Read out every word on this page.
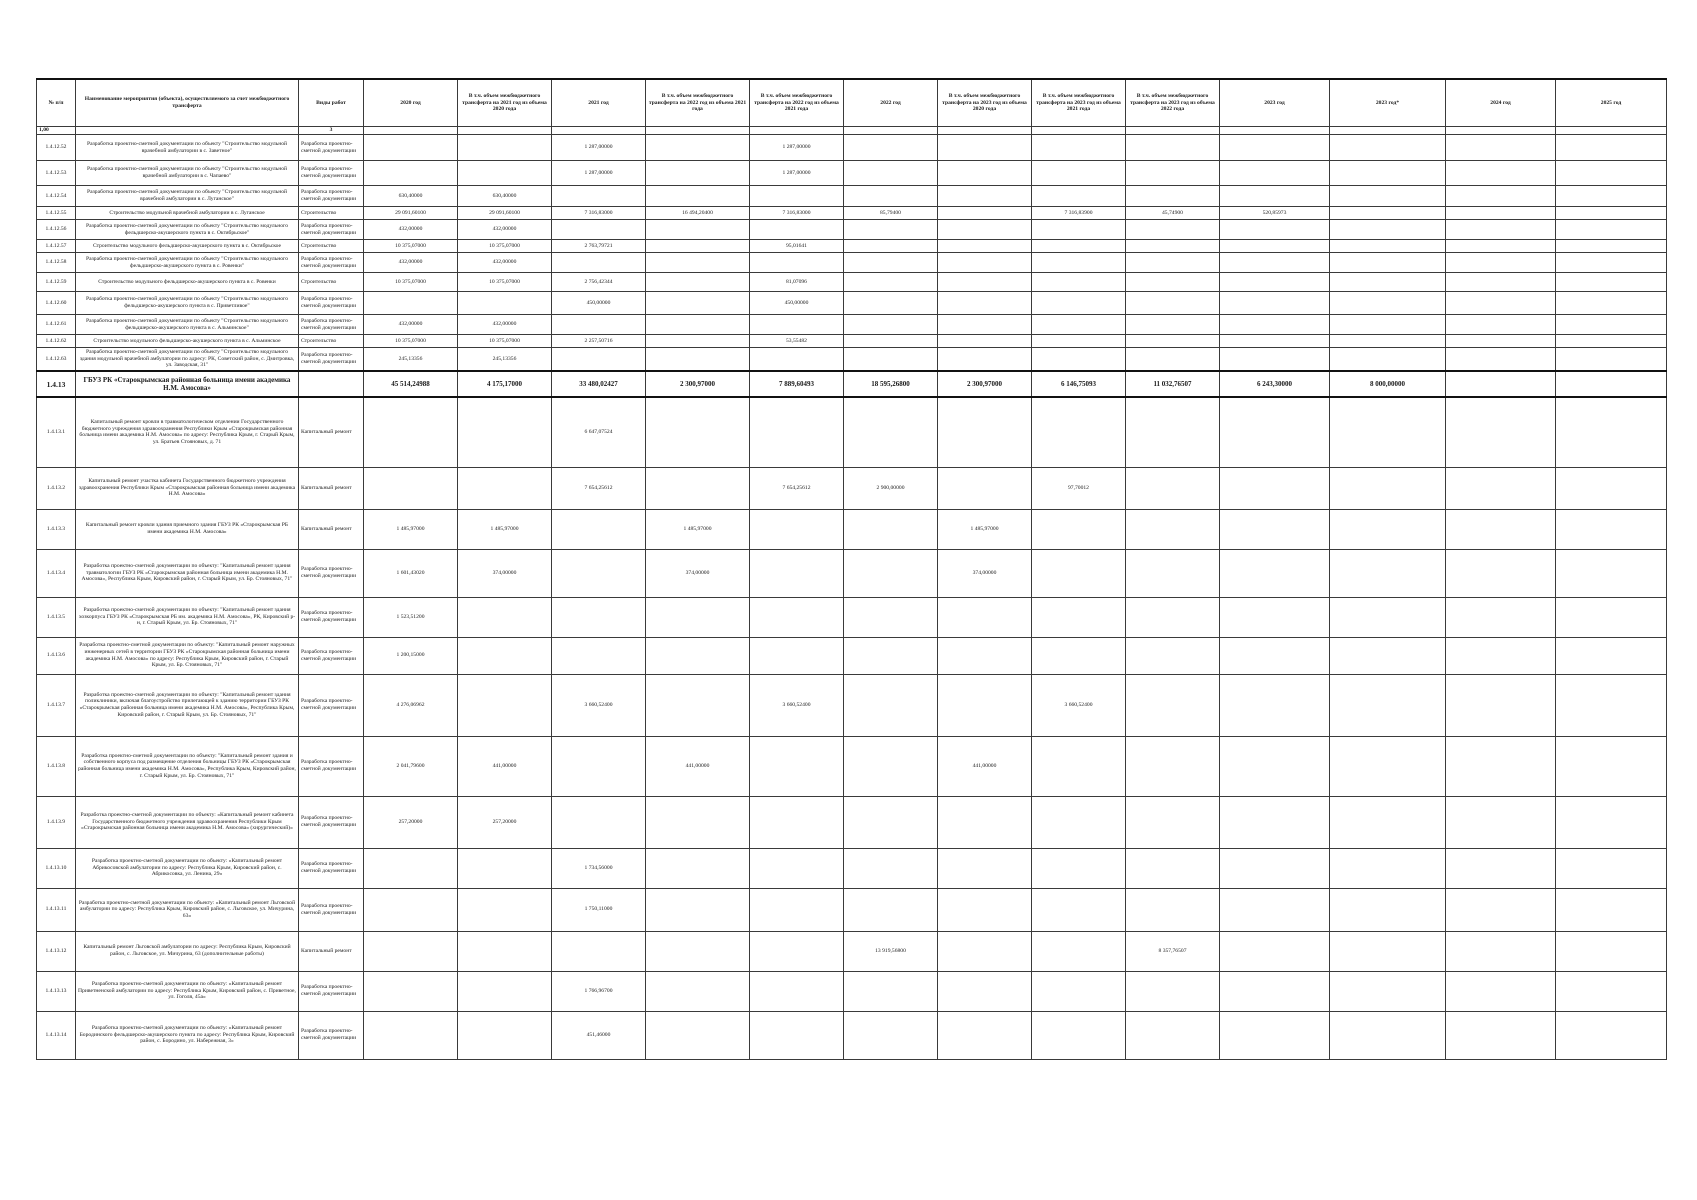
№ п/п	Наименование мероприятия (объекта), осуществляемого за счет межбюджетного трансферта	Виды работ	2020 год	В т.ч. объем межбюджетного трансферта на 2021 год из объема 2020 года	2021 год	В т.ч. объем межбюджетного трансферта на 2022 год из объема 2021 года	В т.ч. объем межбюджетного трансферта на 2022 год из объема 2021 года	2022 год	В т.ч. объем межбюджетного трансферта на 2023 год из объема 2020 года	В т.ч. объем межбюджетного трансферта на 2023 год из объема 2021 года	В т.ч. объем межбюджетного трансферта на 2023 год из объема 2022 года	2023 год	2023 год*	2024 год	2025 год
1,00		3													
1.4.12.52	Разработка проектно-сметной документации по объекту "Строительство модульной врачебной амбулатории в с. Заветное"	Разработка проектно-сметной документации			1 287,00000		1 287,00000								
1.4.12.53	Разработка проектно-сметной документации по объекту "Строительство модульной врачебной амбулатории в с. Чапаево"	Разработка проектно-сметной документации			1 287,00000		1 287,00000								
1.4.12.54	Разработка проектно-сметной документации по объекту "Строительство модульной врачебной амбулатории в с. Луганское"	Разработка проектно-сметной документации	630,40000	630,40000											
1.4.12.55	Строительство модульной врачебной амбулатории в с. Луганское	Строительство	29 091,60100	29 091,60100	7 316,83000	16 494,20400	7 316,83000	85,79400		7 316,83900	45,74900	520,85973			
1.4.12.56	Разработка проектно-сметной документации по объекту "Строительство модульного фельдшерско-акушерского пункта в с. Октябрьское"	Разработка проектно-сметной документации	432,00000	432,00000											
1.4.12.57	Строительство модульного фельдшерско-акушерского пункта в с. Октябрьское	Строительство	10 375,07000	10 375,07000	2 763,79721		95,01641								
1.4.12.58	Разработка проектно-сметной документации по объекту "Строительство модульного фельдшерско-акушерского пункта в с. Ровенки"	Разработка проектно-сметной документации	432,00000	432,00000											
1.4.12.59	Строительство модульного фельдшерско-акушерского пункта в с. Ровенки	Строительство	10 375,07000	10 375,07000	2 756,42344		81,07096								
1.4.12.60	Разработка проектно-сметной документации по объекту "Строительство модульного фельдшерско-акушерского пункта в с. Приветливое"	Разработка проектно-сметной документации			450,00000		450,00000								
1.4.12.61	Разработка проектно-сметной документации по объекту "Строительство модульного фельдшерско-акушерского пункта в с. Альминское"	Разработка проектно-сметной документации	432,00000	432,00000											
1.4.12.62	Строительство модульного фельдшерско-акушерского пункта в с. Альминское	Строительство	10 375,07000	10 375,07000	2 257,50716		53,55482								
1.4.12.63	Разработка проектно-сметной документации по объекту "Строительство модульного здания модульной врачебной амбулатории по адресу: РК, Советский район, с. Дмитровка, ул. Заводская, 31"	Разработка проектно-сметной документации	245,13356	245,13356											
1.4.13	ГБУЗ РК «Старокрымская районная больница имени академика Н.М. Амосова»		45 514,24988	4 175,17000	33 480,02427	2 300,97000	7 889,60493	18 595,26800	2 300,97000	6 146,75093	11 032,76507	6 243,30000	8 000,00000		
1.4.13.1	Капитальный ремонт кровли в травматологическом отделении Государственного бюджетного учреждения здравоохранения Республики Крым «Старокрымская районная больница имени академика Н.М. Амосова» по адресу: Республика Крым, г. Старый Крым, ул. Братьев Стояновых, д. 71	Капитальный ремонт			6 647,07524										
1.4.13.2	Капитальный ремонт участка кабинета Государственного бюджетного учреждения здравоохранения Республики Крым «Старокрымская районная больница имени академика Н.М. Амосова»	Капитальный ремонт			7 654,25612		7 654,25612	2 900,00000		97,70012					
1.4.13.3	Капитальный ремонт кровли здания приемного здания ГБУЗ РК «Старокрымская РБ имени академика Н.М. Амосова»	Капитальный ремонт	1 485,97000	1 485,97000		1 485,97000			1 485,97000						
1.4.13.4	Разработка проектно-сметной документации по объекту: "Капитальный ремонт здания травматологии ГБУЗ РК «Старокрымская районная больница имени академика Н.М. Амосова», Республика Крым, Кировский район, г. Старый Крым, ул. Бр. Стояновых, 71"	Разработка проектно-сметной документации	1 601,43020	374,00000		374,00000			374,00000						
1.4.13.5	Разработка проектно-сметной документации по объекту: "Капитальный ремонт здания хозкорпуса ГБУЗ РК «Старокрымская РБ им. академика Н.М. Амосова», РК, Кировский р-н, г. Старый Крым, ул. Бр. Стояновых, 71"	Разработка проектно-сметной документации	1 523,51200												
1.4.13.6	Разработка проектно-сметной документации по объекту: "Капитальный ремонт наружных инженерных сетей в территории ГБУЗ РК «Старокрымская районная больница имени академика Н.М. Амосова» по адресу: Республика Крым, Кировский район, г. Старый Крым, ул. Бр. Стояновых, 71"	Разработка проектно-сметной документации	1 200,15000												
1.4.13.7	Разработка проектно-сметной документации по объекту: "Капитальный ремонт здания поликлиники, включая благоустройство прилегающей к зданию территории ГБУЗ РК «Старокрымская районная больница имени академика Н.М. Амосова», Республика Крым, Кировский район, г. Старый Крым, ул. Бр. Стояновых, 71"	Разработка проектно-сметной документации	4 276,06962		3 660,52400		3 660,52400			3 660,52400					
1.4.13.8	Разработка проектно-сметной документации по объекту: "Капитальный ремонт здания и собственного корпуса под размещение отделения больницы ГБУЗ РК «Старокрымская районная больница имени академика Н.М. Амосова», Республика Крым, Кировский район, г. Старый Крым, ул. Бр. Стояновых, 71"	Разработка проектно-сметной документации	2 041,79600	441,00000		441,00000			441,00000						
1.4.13.9	Разработка проектно-сметной документации по объекту: «Капитальный ремонт кабинета Государственного бюджетного учреждения здравоохранения Республики Крым «Старокрымская районная больница имени академика Н.М. Амосова» (хирургический)»	Разработка проектно-сметной документации	257,20000	257,20000											
1.4.13.10	Разработка проектно-сметной документации по объекту: «Капитальный ремонт Абрикосовской амбулатории по адресу: Республика Крым, Кировский район, с. Абрикосовка, ул. Ленина, 29»	Разработка проектно-сметной документации			1 734,56000										
1.4.13.11	Разработка проектно-сметной документации по объекту: «Капитальный ремонт Льговской амбулатории по адресу: Республика Крым, Кировский район, с. Льговское, ул. Мичурина, 63»	Разработка проектно-сметной документации			1 750,11000										
1.4.13.12	Капитальный ремонт Льговской амбулатории по адресу: Республика Крым, Кировский район, с. Льговское, ул. Мичурина, 63 (дополнительные работы)	Капитальный ремонт						13 919,56800			8 357,76507				
1.4.13.13	Разработка проектно-сметной документации по объекту: «Капитальный ремонт Приветненской амбулатории по адресу: Республика Крым, Кировский район, с. Приветное, ул. Гоголя, 45а»	Разработка проектно-сметной документации			1 766,96700										
1.4.13.14	Разработка проектно-сметной документации по объекту: «Капитальный ремонт Бородинского фельдшерско-акушерского пункта по адресу: Республика Крым, Кировский район, с. Бородино, ул. Набережная, 3»	Разработка проектно-сметной документации			451,46000										
